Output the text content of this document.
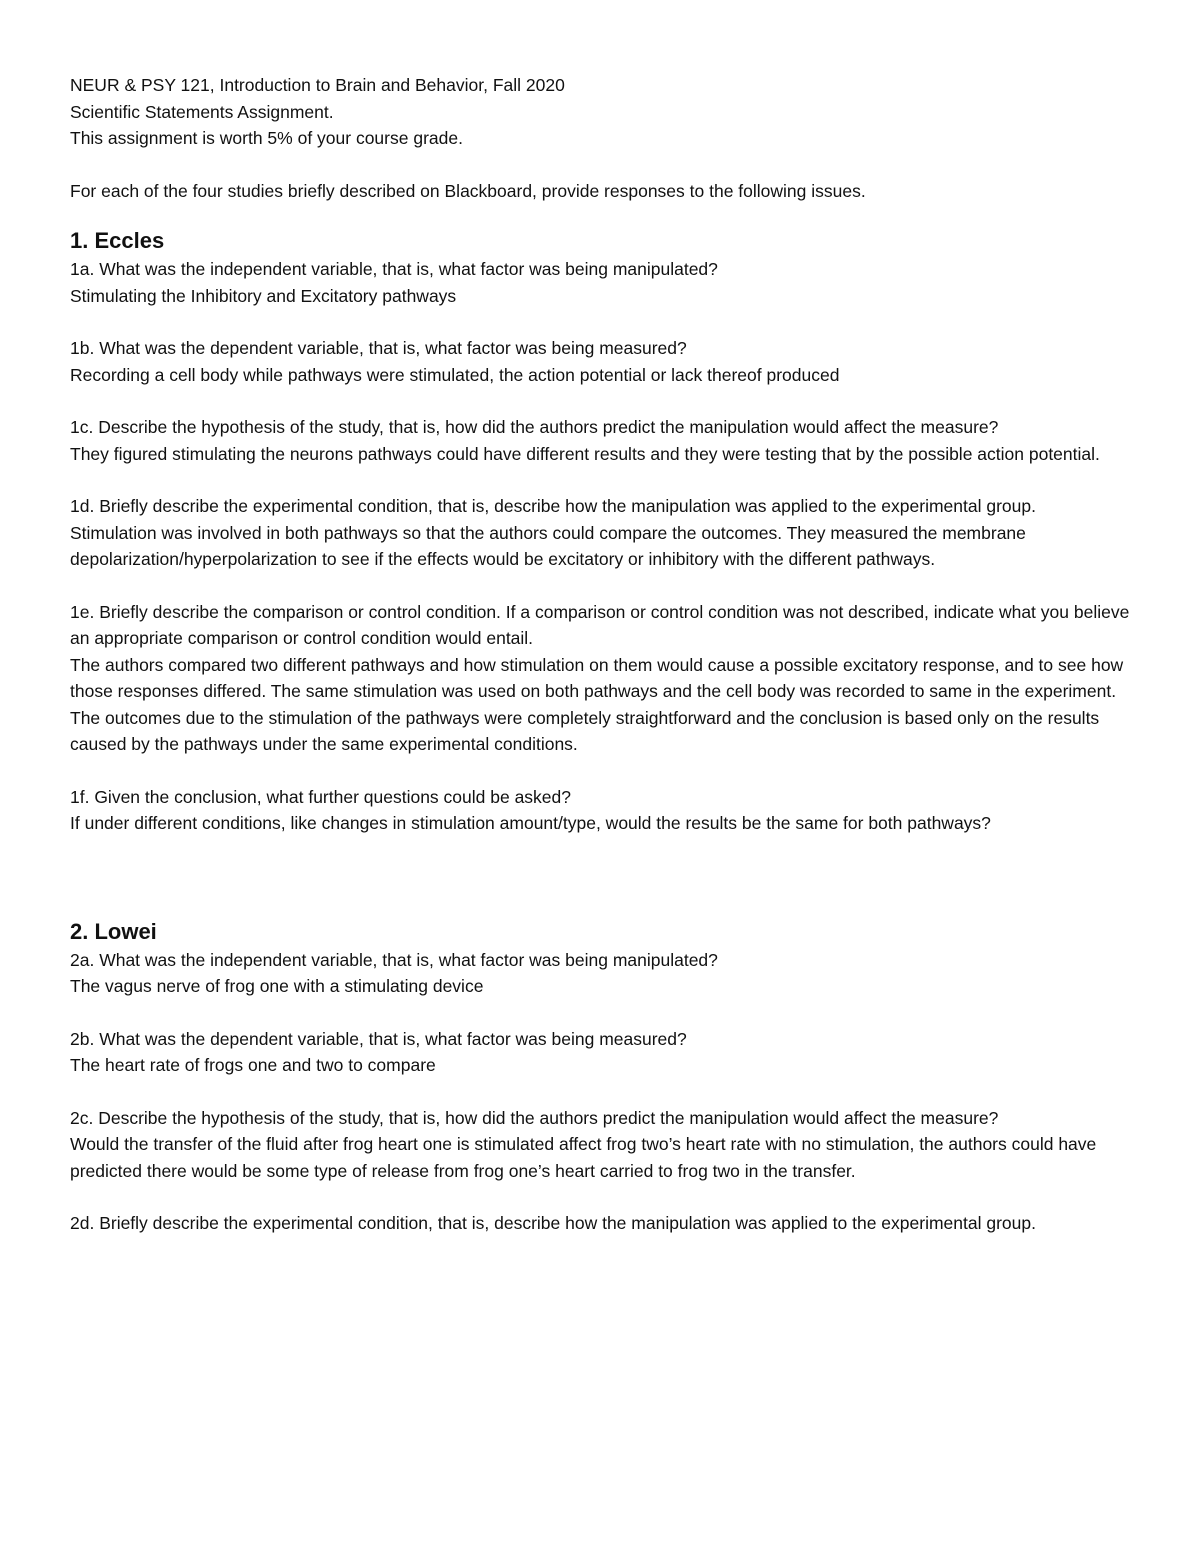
NEUR & PSY 121, Introduction to Brain and Behavior, Fall 2020

Scientific Statements Assignment.

This assignment is worth 5% of your course grade.

For each of the four studies briefly described on Blackboard, provide responses to the following issues.

1. Eccles

1a. What was the independent variable, that is, what factor was being manipulated?

Stimulating the Inhibitory and Excitatory pathways

1b. What was the dependent variable, that is, what factor was being measured?

Recording a cell body while pathways were stimulated, the action potential or lack thereof produced

1c. Describe the hypothesis of the study, that is, how did the authors predict the manipulation would affect the measure?

They figured stimulating the neurons pathways could have different results and they were testing that by the possible action potential.

1d. Briefly describe the experimental condition, that is, describe how the manipulation was applied to the experimental group.

Stimulation was involved in both pathways so that the authors could compare the outcomes. They measured the membrane depolarization/hyperpolarization to see if the effects would be excitatory or inhibitory with the different pathways.

1e. Briefly describe the comparison or control condition. If a comparison or control condition was not described, indicate what you believe an appropriate comparison or control condition would entail.

The authors compared two different pathways and how stimulation on them would cause a possible excitatory response, and to see how those responses differed. The same stimulation was used on both pathways and the cell body was recorded to same in the experiment. The outcomes due to the stimulation of the pathways were completely straightforward and the conclusion is based only on the results caused by the pathways under the same experimental conditions.

1f. Given the conclusion, what further questions could be asked?

If under different conditions, like changes in stimulation amount/type, would the results be the same for both pathways?

2. Lowei

2a. What was the independent variable, that is, what factor was being manipulated?

The vagus nerve of frog one with a stimulating device

2b. What was the dependent variable, that is, what factor was being measured?

The heart rate of frogs one and two to compare

2c. Describe the hypothesis of the study, that is, how did the authors predict the manipulation would affect the measure?

Would the transfer of the fluid after frog heart one is stimulated affect frog two’s heart rate with no stimulation, the authors could have predicted there would be some type of release from frog one’s heart carried to frog two in the transfer.

2d. Briefly describe the experimental condition, that is, describe how the manipulation was applied to the experimental group.
